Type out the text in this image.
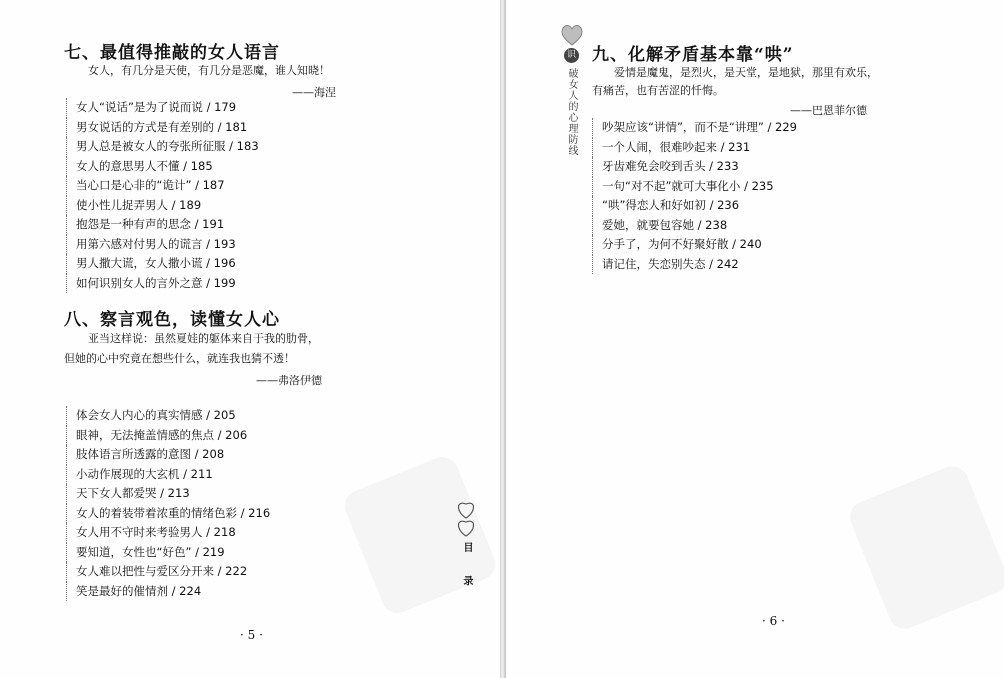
七、最值得推敲的女人语言
女人，有几分是天使，有几分是恶魔，谁人知晓！
——海涅
女人“说话”是为了说而说 / 179
男女说话的方式是有差别的 / 181
男人总是被女人的夸张所征服 / 183
女人的意思男人不懂 / 185
当心口是心非的“诡计” / 187
使小性儿捉弄男人 / 189
抱怨是一种有声的思念 / 191
用第六感对付男人的谎言 / 193
男人撒大谎，女人撒小谎 / 196
如何识别女人的言外之意 / 199
八、察言观色，读懂女人心
亚当这样说：虽然夏娃的躯体来自于我的肋骨，
但她的心中究竟在想些什么，就连我也猜不透！
——弗洛伊德
体会女人内心的真实情感 / 205
眼神，无法掩盖情感的焦点 / 206
肢体语言所透露的意图 / 208
小动作展现的大玄机 / 211
天下女人都爱哭 / 213
女人的着装带着浓重的情绪色彩 / 216
女人用不守时来考验男人 / 218
要知道，女性也“好色” / 219
女人难以把性与爱区分开来 / 222
笑是最好的催情剂 / 224	目 录
· 5 ·
识
破女人的心理防线
九、化解矛盾基本靠“哄”
爱情是魔鬼，是烈火，是天堂，是地狱，那里有欢乐，
有痛苦，也有苦涩的忏悔。
——巴恩菲尔德
吵架应该“讲情”，而不是“讲理” / 229
一个人闹，很难吵起来 / 231
牙齿难免会咬到舌头 / 233
一句“对不起”就可大事化小 / 235
“哄”得恋人和好如初 / 236
爱她，就要包容她 / 238
分手了，为何不好聚好散 / 240
请记住，失恋别失态 / 242
· 6 ·
